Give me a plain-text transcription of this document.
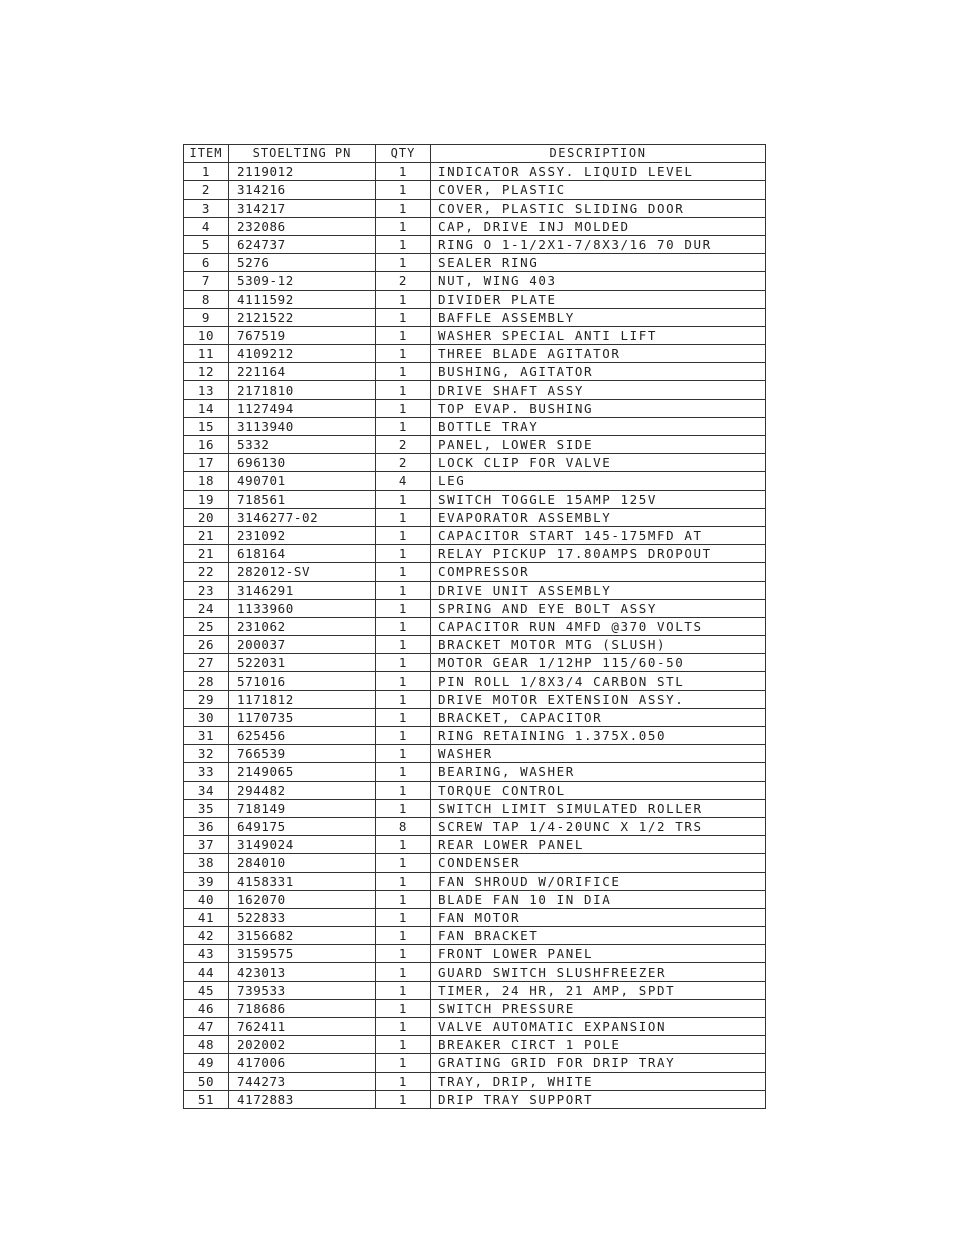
ITEM	STOELTING PN	QTY	DESCRIPTION
1	2119012	1	INDICATOR ASSY. LIQUID LEVEL
2	314216	1	COVER, PLASTIC
3	314217	1	COVER, PLASTIC SLIDING DOOR
4	232086	1	CAP, DRIVE INJ MOLDED
5	624737	1	RING O 1-1/2X1-7/8X3/16 70 DUR
6	5276	1	SEALER RING
7	5309-12	2	NUT, WING 403
8	4111592	1	DIVIDER PLATE
9	2121522	1	BAFFLE ASSEMBLY
10	767519	1	WASHER SPECIAL ANTI LIFT
11	4109212	1	THREE BLADE AGITATOR
12	221164	1	BUSHING, AGITATOR
13	2171810	1	DRIVE SHAFT ASSY
14	1127494	1	TOP EVAP. BUSHING
15	3113940	1	BOTTLE TRAY
16	5332	2	PANEL, LOWER SIDE
17	696130	2	LOCK CLIP FOR VALVE
18	490701	4	LEG
19	718561	1	SWITCH TOGGLE 15AMP 125V
20	3146277-02	1	EVAPORATOR ASSEMBLY
21	231092	1	CAPACITOR START 145-175MFD AT
21	618164	1	RELAY PICKUP 17.80AMPS DROPOUT
22	282012-SV	1	COMPRESSOR
23	3146291	1	DRIVE UNIT ASSEMBLY
24	1133960	1	SPRING AND EYE BOLT ASSY
25	231062	1	CAPACITOR RUN 4MFD @370 VOLTS
26	200037	1	BRACKET MOTOR MTG (SLUSH)
27	522031	1	MOTOR GEAR 1/12HP 115/60-50
28	571016	1	PIN ROLL 1/8X3/4 CARBON STL
29	1171812	1	DRIVE MOTOR EXTENSION ASSY.
30	1170735	1	BRACKET, CAPACITOR
31	625456	1	RING RETAINING 1.375X.050
32	766539	1	WASHER
33	2149065	1	BEARING, WASHER
34	294482	1	TORQUE CONTROL
35	718149	1	SWITCH LIMIT SIMULATED ROLLER
36	649175	8	SCREW TAP 1/4-20UNC X 1/2 TRS
37	3149024	1	REAR LOWER PANEL
38	284010	1	CONDENSER
39	4158331	1	FAN SHROUD W/ORIFICE
40	162070	1	BLADE FAN 10 IN DIA
41	522833	1	FAN MOTOR
42	3156682	1	FAN BRACKET
43	3159575	1	FRONT LOWER PANEL
44	423013	1	GUARD SWITCH SLUSHFREEZER
45	739533	1	TIMER, 24 HR, 21 AMP, SPDT
46	718686	1	SWITCH PRESSURE
47	762411	1	VALVE AUTOMATIC EXPANSION
48	202002	1	BREAKER CIRCT 1 POLE
49	417006	1	GRATING GRID FOR DRIP TRAY
50	744273	1	TRAY, DRIP, WHITE
51	4172883	1	DRIP TRAY SUPPORT
